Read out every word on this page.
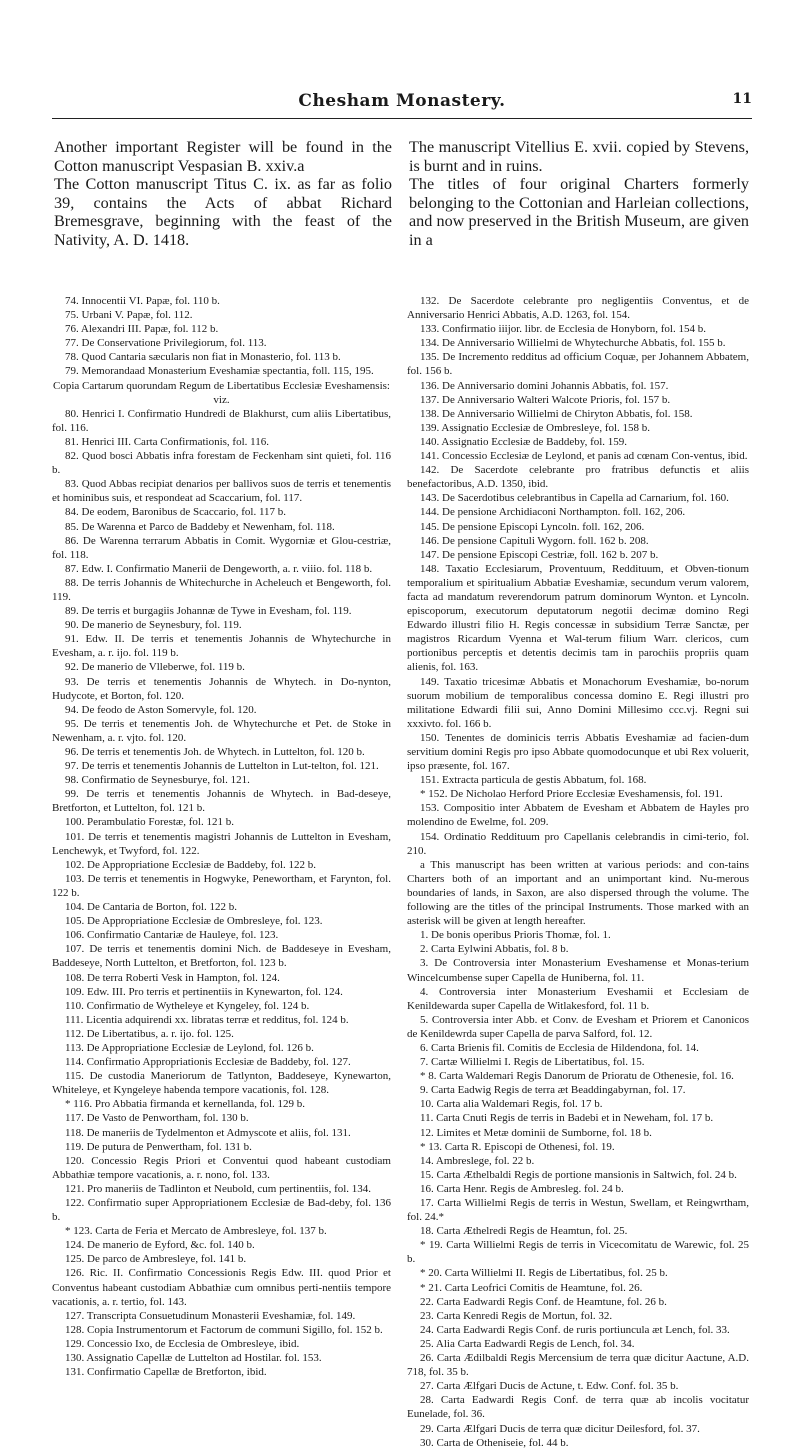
Chesham Monastery.	11

Another important Register will be found in the Cotton manuscript Vespasian B. xxiv.a

The Cotton manuscript Titus C. ix. as far as folio 39, contains the Acts of abbat Richard Bremesgrave, beginning with the feast of the Nativity, A. D. 1418.

The manuscript Vitellius E. xvii. copied by Stevens, is burnt and in ruins.

The titles of four original Charters formerly belonging to the Cottonian and Harleian collections, and now preserved in the British Museum, are given in a

74. Innocentii VI. Papæ, fol. 110 b.

75. Urbani V. Papæ, fol. 112.

76. Alexandri III. Papæ, fol. 112 b.

77. De Conservatione Privilegiorum, fol. 113.

78. Quod Cantaria sæcularis non fiat in Monasterio, fol. 113 b.

79. Memorandaad Monasterium Eveshamiæ spectantia, foll. 115, 195.

Copia Cartarum quorundam Regum de Libertatibus Ecclesiæ Eveshamensis: viz.

80. Henrici I. Confirmatio Hundredi de Blakhurst, cum aliis Libertatibus, fol. 116.

81. Henrici III. Carta Confirmationis, fol. 116.

82. Quod bosci Abbatis infra forestam de Feckenham sint quieti, fol. 116 b.

83. Quod Abbas recipiat denarios per ballivos suos de terris et tenementis et hominibus suis, et respondeat ad Scaccarium, fol. 117.

84. De eodem, Baronibus de Scaccario, fol. 117 b.

85. De Warenna et Parco de Baddeby et Newenham, fol. 118.

86. De Warenna terrarum Abbatis in Comit. Wygorniæ et Glou-cestriæ, fol. 118.

87. Edw. I. Confirmatio Manerii de Dengeworth, a. r. viiio. fol. 118 b.

88. De terris Johannis de Whitechurche in Acheleuch et Bengeworth, fol. 119.

89. De terris et burgagiis Johannæ de Tywe in Evesham, fol. 119.

90. De manerio de Seynesbury, fol. 119.

91. Edw. II. De terris et tenementis Johannis de Whytechurche in Evesham, a. r. ijo. fol. 119 b.

92. De manerio de Vlleberwe, fol. 119 b.

93. De terris et tenementis Johannis de Whytech. in Do-nynton, Hudycote, et Borton, fol. 120.

94. De feodo de Aston Somervyle, fol. 120.

95. De terris et tenementis Joh. de Whytechurche et Pet. de Stoke in Newenham, a. r. vjto. fol. 120.

96. De terris et tenementis Joh. de Whytech. in Luttelton, fol. 120 b.

97. De terris et tenementis Johannis de Luttelton in Lut-telton, fol. 121.

98. Confirmatio de Seynesburye, fol. 121.

99. De terris et tenementis Johannis de Whytech. in Bad-deseye, Bretforton, et Luttelton, fol. 121 b.

100. Perambulatio Forestæ, fol. 121 b.

101. De terris et tenementis magistri Johannis de Luttelton in Evesham, Lenchewyk, et Twyford, fol. 122.

102. De Appropriatione Ecclesiæ de Baddeby, fol. 122 b.

103. De terris et tenementis in Hogwyke, Penewortham, et Farynton, fol. 122 b.

104. De Cantaria de Borton, fol. 122 b.

105. De Appropriatione Ecclesiæ de Ombresleye, fol. 123.

106. Confirmatio Cantariæ de Hauleye, fol. 123.

107. De terris et tenementis domini Nich. de Baddeseye in Evesham, Baddeseye, North Luttelton, et Bretforton, fol. 123 b.

108. De terra Roberti Vesk in Hampton, fol. 124.

109. Edw. III. Pro terris et pertinentiis in Kynewarton, fol. 124.

110. Confirmatio de Wytheleye et Kyngeley, fol. 124 b.

111. Licentia adquirendi xx. libratas terræ et redditus, fol. 124 b.

112. De Libertatibus, a. r. ijo. fol. 125.

113. De Appropriatione Ecclesiæ de Leylond, fol. 126 b.

114. Confirmatio Appropriationis Ecclesiæ de Baddeby, fol. 127.

115. De custodia Maneriorum de Tatlynton, Baddeseye, Kynewarton, Whiteleye, et Kyngeleye habenda tempore vacationis, fol. 128.

* 116. Pro Abbatia firmanda et kernellanda, fol. 129 b.

117. De Vasto de Penwortham, fol. 130 b.

118. De maneriis de Tydelmenton et Admyscote et aliis, fol. 131.

119. De putura de Penwertham, fol. 131 b.

120. Concessio Regis Priori et Conventui quod habeant custodiam Abbathiæ tempore vacationis, a. r. nono, fol. 133.

121. Pro maneriis de Tadlinton et Neubold, cum pertinentiis, fol. 134.

122. Confirmatio super Appropriationem Ecclesiæ de Bad-deby, fol. 136 b.

* 123. Carta de Feria et Mercato de Ambresleye, fol. 137 b.

124. De manerio de Eyford, &c. fol. 140 b.

125. De parco de Ambresleye, fol. 141 b.

126. Ric. II. Confirmatio Concessionis Regis Edw. III. quod Prior et Conventus habeant custodiam Abbathiæ cum omnibus perti-nentiis tempore vacationis, a. r. tertio, fol. 143.

127. Transcripta Consuetudinum Monasterii Eveshamiæ, fol. 149.

128. Copia Instrumentorum et Factorum de communi Sigillo, fol. 152 b.

129. Concessio Ixo, de Ecclesia de Ombresleye, ibid.

130. Assignatio Capellæ de Luttelton ad Hostilar. fol. 153.

131. Confirmatio Capellæ de Bretforton, ibid.

132. De Sacerdote celebrante pro negligentiis Conventus, et de Anniversario Henrici Abbatis, A.D. 1263, fol. 154.

133. Confirmatio iiijor. libr. de Ecclesia de Honyborn, fol. 154 b.

134. De Anniversario Willielmi de Whytechurche Abbatis, fol. 155 b.

135. De Incremento redditus ad officium Coquæ, per Johannem Abbatem, fol. 156 b.

136. De Anniversario domini Johannis Abbatis, fol. 157.

137. De Anniversario Walteri Walcote Prioris, fol. 157 b.

138. De Anniversario Willielmi de Chiryton Abbatis, fol. 158.

139. Assignatio Ecclesiæ de Ombresleye, fol. 158 b.

140. Assignatio Ecclesiæ de Baddeby, fol. 159.

141. Concessio Ecclesiæ de Leylond, et panis ad cœnam Con-ventus, ibid.

142. De Sacerdote celebrante pro fratribus defunctis et aliis benefactoribus, A.D. 1350, ibid.

143. De Sacerdotibus celebrantibus in Capella ad Carnarium, fol. 160.

144. De pensione Archidiaconi Northampton. foll. 162, 206.

145. De pensione Episcopi Lyncoln. foll. 162, 206.

146. De pensione Capituli Wygorn. foll. 162 b. 208.

147. De pensione Episcopi Cestriæ, foll. 162 b. 207 b.

148. Taxatio Ecclesiarum, Proventuum, Reddituum, et Obven-tionum temporalium et spiritualium Abbatiæ Eveshamiæ, secundum verum valorem, facta ad mandatum reverendorum patrum dominorum Wynton. et Lyncoln. episcoporum, executorum deputatorum negotii decimæ domino Regi Edwardo illustri filio H. Regis concessæ in subsidium Terræ Sanctæ, per magistros Ricardum Vyenna et Wal-terum filium Warr. clericos, cum portionibus perceptis et detentis decimis tam in parochiis propriis quam alienis, fol. 163.

149. Taxatio tricesimæ Abbatis et Monachorum Eveshamiæ, bo-norum suorum mobilium de temporalibus concessa domino E. Regi illustri pro militatione Edwardi filii sui, Anno Domini Millesimo ccc.vj. Regni sui xxxivto. fol. 166 b.

150. Tenentes de dominicis terris Abbatis Eveshamiæ ad facien-dum servitium domini Regis pro ipso Abbate quomodocunque et ubi Rex voluerit, ipso præsente, fol. 167.

151. Extracta particula de gestis Abbatum, fol. 168.

* 152. De Nicholao Herford Priore Ecclesiæ Eveshamensis, fol. 191.

153. Compositio inter Abbatem de Evesham et Abbatem de Hayles pro molendino de Ewelme, fol. 209.

154. Ordinatio Reddituum pro Capellanis celebrandis in cimi-terio, fol. 210.

a This manuscript has been written at various periods: and con-tains Charters both of an important and an unimportant kind. Nu-merous boundaries of lands, in Saxon, are also dispersed through the volume. The following are the titles of the principal Instruments. Those marked with an asterisk will be given at length hereafter.

1. De bonis operibus Prioris Thomæ, fol. 1.

2. Carta Eylwini Abbatis, fol. 8 b.

3. De Controversia inter Monasterium Eveshamense et Monas-terium Wincelcumbense super Capella de Huniberna, fol. 11.

4. Controversia inter Monasterium Eveshamii et Ecclesiam de Kenildewarda super Capella de Witlakesford, fol. 11 b.

5. Controversia inter Abb. et Conv. de Evesham et Priorem et Canonicos de Kenildewrda super Capella de parva Salford, fol. 12.

6. Carta Brienis fil. Comitis de Ecclesia de Hildendona, fol. 14.

7. Cartæ Willielmi I. Regis de Libertatibus, fol. 15.

* 8. Carta Waldemari Regis Danorum de Prioratu de Othenesie, fol. 16.

9. Carta Eadwig Regis de terra æt Beaddingabyrnan, fol. 17.

10. Carta alia Waldemari Regis, fol. 17 b.

11. Carta Cnuti Regis de terris in Badebi et in Neweham, fol. 17 b.

12. Limites et Metæ dominii de Sumborne, fol. 18 b.

* 13. Carta R. Episcopi de Othenesi, fol. 19.

14. Ambreslege, fol. 22 b.

15. Carta Æthelbaldi Regis de portione mansionis in Saltwich, fol. 24 b.

16. Carta Henr. Regis de Ambresleg. fol. 24 b.

17. Carta Willielmi Regis de terris in Westun, Swellam, et Reingwrtham, fol. 24.*

18. Carta Æthelredi Regis de Heamtun, fol. 25.

* 19. Carta Willielmi Regis de terris in Vicecomitatu de Warewic, fol. 25 b.

* 20. Carta Willielmi II. Regis de Libertatibus, fol. 25 b.

* 21. Carta Leofrici Comitis de Heamtune, fol. 26.

22. Carta Eadwardi Regis Conf. de Heamtune, fol. 26 b.

23. Carta Kenredi Regis de Mortun, fol. 32.

24. Carta Eadwardi Regis Conf. de ruris portiuncula æt Lench, fol. 33.

25. Alia Carta Eadwardi Regis de Lench, fol. 34.

26. Carta Ædilbaldi Regis Mercensium de terra quæ dicitur Aactune, A.D. 718, fol. 35 b.

27. Carta Ælfgari Ducis de Actune, t. Edw. Conf. fol. 35 b.

28. Carta Eadwardi Regis Conf. de terra quæ ab incolis vocitatur Eunelade, fol. 36.

29. Carta Ælfgari Ducis de terra quæ dicitur Deilesford, fol. 37.

30. Carta de Otheniseie, fol. 44 b.
